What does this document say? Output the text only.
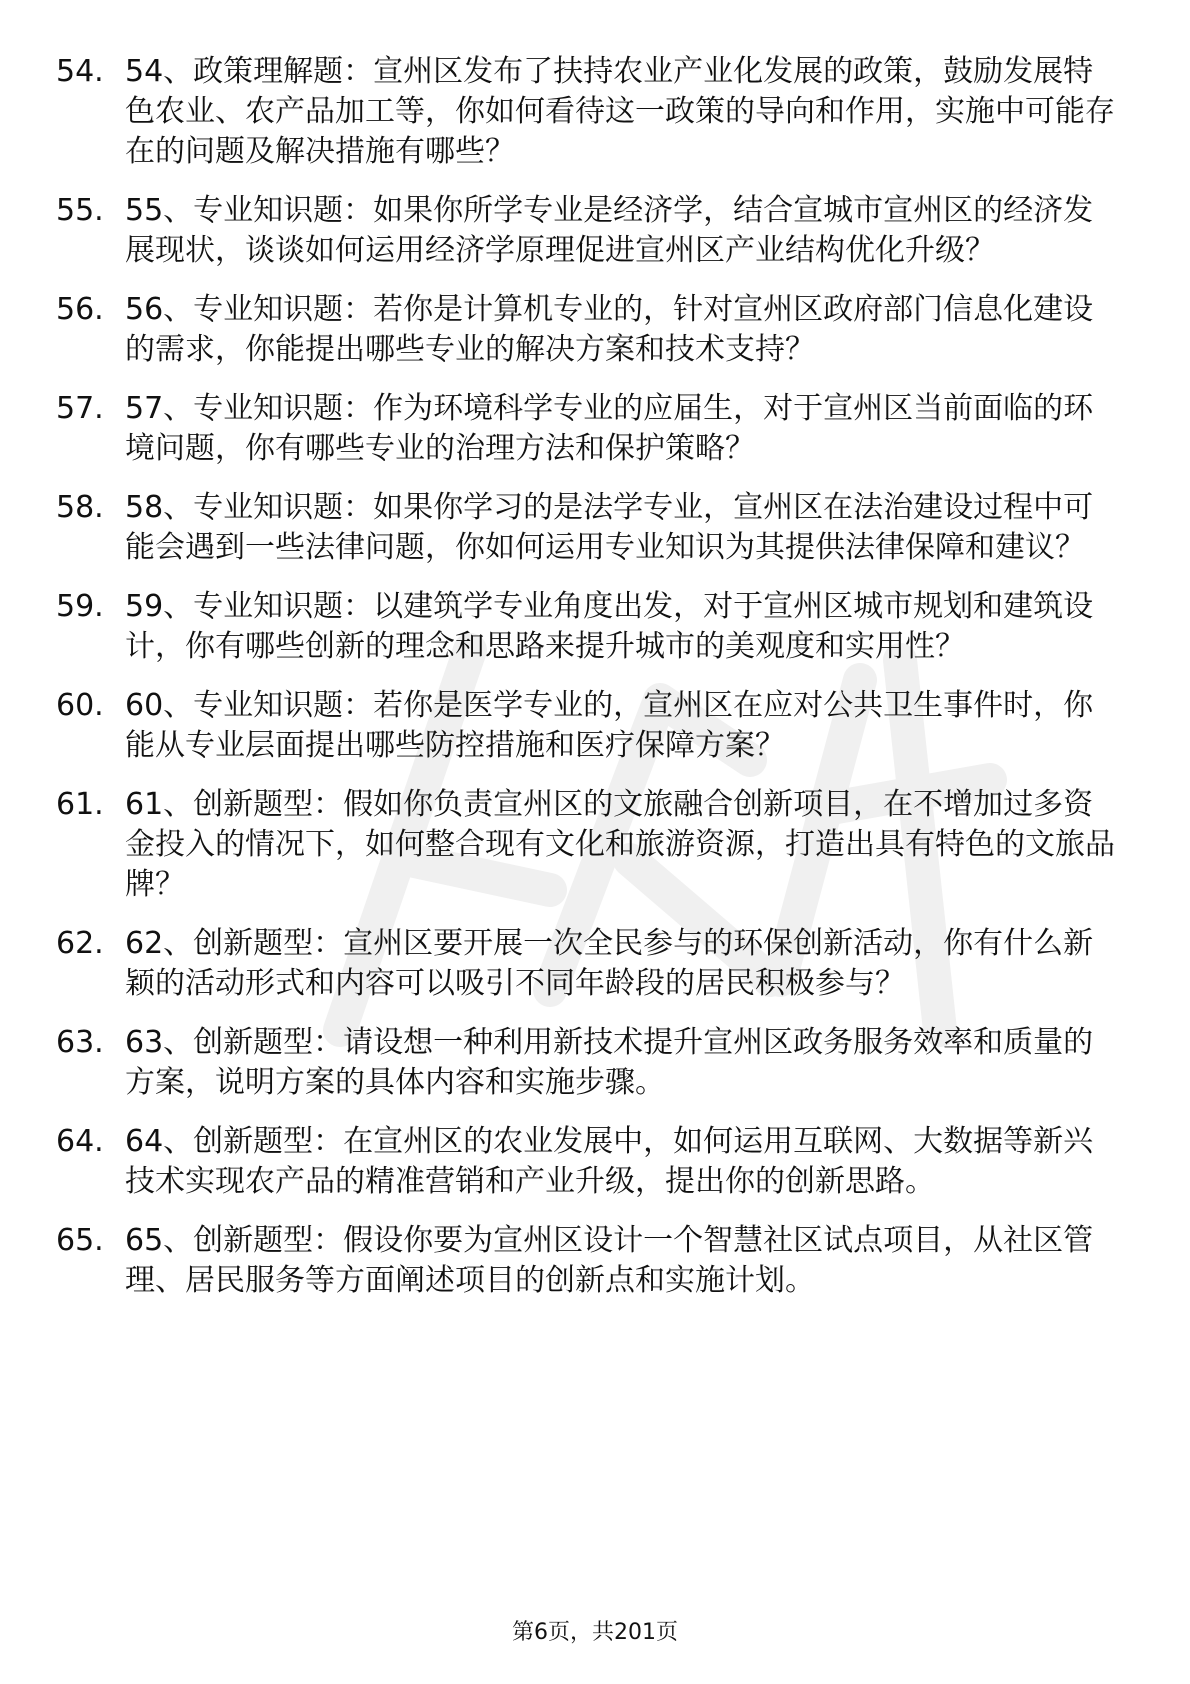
54. 54、政策理解题：宣州区发布了扶持农业产业化发展的政策，鼓励发展特色农业、农产品加工等，你如何看待这一政策的导向和作用，实施中可能存在的问题及解决措施有哪些？
55. 55、专业知识题：如果你所学专业是经济学，结合宣城市宣州区的经济发展现状，谈谈如何运用经济学原理促进宣州区产业结构优化升级？
56. 56、专业知识题：若你是计算机专业的，针对宣州区政府部门信息化建设的需求，你能提出哪些专业的解决方案和技术支持？
57. 57、专业知识题：作为环境科学专业的应届生，对于宣州区当前面临的环境问题，你有哪些专业的治理方法和保护策略？
58. 58、专业知识题：如果你学习的是法学专业，宣州区在法治建设过程中可能会遇到一些法律问题，你如何运用专业知识为其提供法律保障和建议？
59. 59、专业知识题：以建筑学专业角度出发，对于宣州区城市规划和建筑设计，你有哪些创新的理念和思路来提升城市的美观度和实用性？
60. 60、专业知识题：若你是医学专业的，宣州区在应对公共卫生事件时，你能从专业层面提出哪些防控措施和医疗保障方案？
61. 61、创新题型：假如你负责宣州区的文旅融合创新项目，在不增加过多资金投入的情况下，如何整合现有文化和旅游资源，打造出具有特色的文旅品牌？
62. 62、创新题型：宣州区要开展一次全民参与的环保创新活动，你有什么新颖的活动形式和内容可以吸引不同年龄段的居民积极参与？
63. 63、创新题型：请设想一种利用新技术提升宣州区政务服务效率和质量的方案，说明方案的具体内容和实施步骤。
64. 64、创新题型：在宣州区的农业发展中，如何运用互联网、大数据等新兴技术实现农产品的精准营销和产业升级，提出你的创新思路。
65. 65、创新题型：假设你要为宣州区设计一个智慧社区试点项目，从社区管理、居民服务等方面阐述项目的创新点和实施计划。
第6页，共201页
